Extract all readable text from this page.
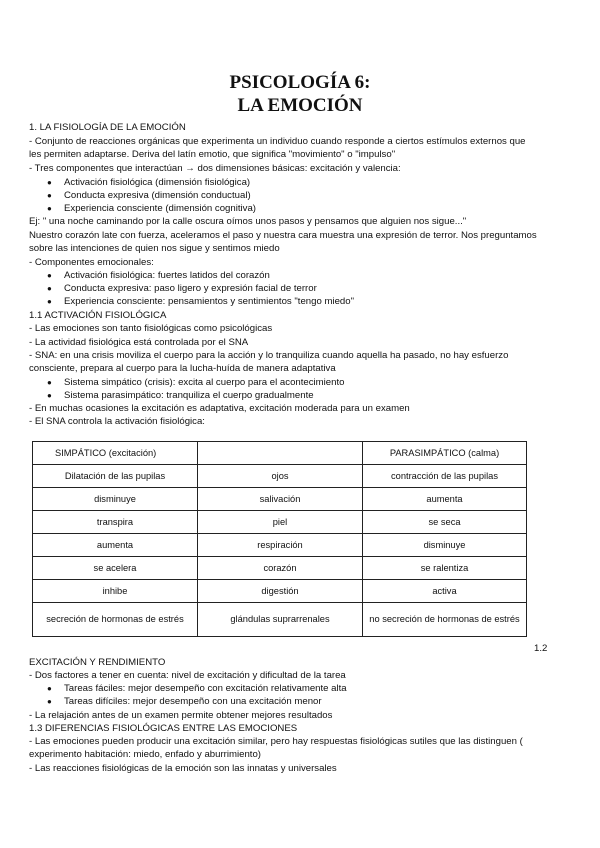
PSICOLOGÍA 6:
LA EMOCIÓN
1. LA FISIOLOGÍA DE LA EMOCIÓN
- Conjunto de reacciones orgánicas que experimenta un individuo cuando responde a ciertos estímulos externos que
les permiten adaptarse. Deriva del latín emotio, que significa "movimiento" o "impulso"
- Tres componentes que interactúan → dos dimensiones básicas: excitación y valencia:
● Activación fisiológica (dimensión fisiológica)
● Conducta expresiva (dimensión conductual)
● Experiencia consciente (dimensión cognitiva)
Ej: " una noche caminando por la calle oscura oímos unos pasos y pensamos que alguien nos sigue..."
Nuestro corazón late con fuerza, aceleramos el paso y nuestra cara muestra una expresión de terror. Nos preguntamos
sobre las intenciones de quien nos sigue y sentimos miedo
- Componentes emocionales:
● Activación fisiológica: fuertes latidos del corazón
● Conducta expresiva: paso ligero y expresión facial de terror
● Experiencia consciente: pensamientos y sentimientos "tengo miedo"
1.1 ACTIVACIÓN FISIOLÓGICA
- Las emociones son tanto fisiológicas como psicológicas
- La actividad fisiológica está controlada por el SNA
- SNA: en una crisis moviliza el cuerpo para la acción y lo tranquiliza cuando aquella ha pasado, no hay esfuerzo
consciente, prepara al cuerpo para la lucha-huída de manera adaptativa
● Sistema simpático (crisis): excita al cuerpo para el acontecimiento
● Sistema parasimpático: tranquiliza el cuerpo gradualmente
- En muchas ocasiones la excitación es adaptativa, excitación moderada para un examen
- El SNA controla la activación fisiológica:
SIMPÁTICO (excitación)		PARASIMPÁTICO (calma)
Dilatación de las pupilas	ojos	contracción de las pupilas
disminuye	salivación	aumenta
transpira	piel	se seca
aumenta	respiración	disminuye
se acelera	corazón	se ralentiza
inhibe	digestión	activa
secreción de hormonas de estrés	glándulas suprarrenales	no secreción de hormonas de estrés
1.2
EXCITACIÓN Y RENDIMIENTO
- Dos factores a tener en cuenta: nivel de excitación y dificultad de la tarea
● Tareas fáciles: mejor desempeño con excitación relativamente alta
● Tareas difíciles: mejor desempeño con una excitación menor
- La relajación antes de un examen permite obtener mejores resultados
1.3 DIFERENCIAS FISIOLÓGICAS ENTRE LAS EMOCIONES
- Las emociones pueden producir una excitación similar, pero hay respuestas fisiológicas sutiles que las distinguen (
experimento habitación: miedo, enfado y aburrimiento)
- Las reacciones fisiológicas de la emoción son las innatas y universales
